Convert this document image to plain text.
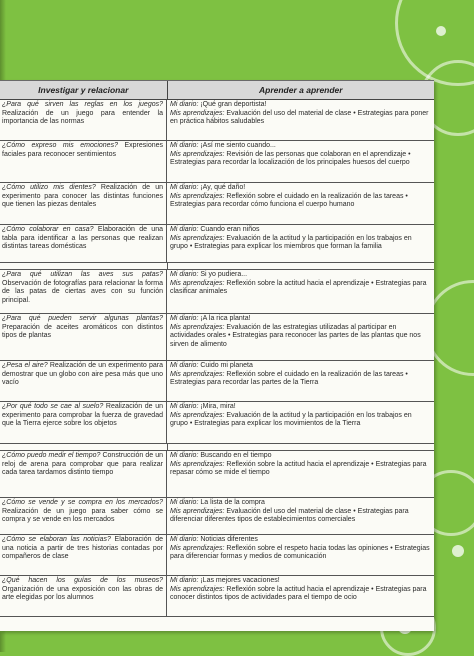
Investigar y relacionar	Aprender a aprender
¿Para qué sirven las reglas en los juegos? Realización de un juego para entender la importancia de las normas
Mi diario: ¡Qué gran deportista!
Mis aprendizajes: Evaluación del uso del material de clase • Estrategias para poner en práctica hábitos saludables
¿Cómo expreso mis emociones? Expresiones faciales para reconocer sentimientos
Mi diario: ¡Así me siento cuando...
Mis aprendizajes: Revisión de las personas que colaboran en el aprendizaje • Estrategias para recordar la localización de los principales huesos del cuerpo
¿Cómo utilizo mis dientes? Realización de un experimento para conocer las distintas funciones que tienen las piezas dentales
Mi diario: ¡Ay, qué daño!
Mis aprendizajes: Reflexión sobre el cuidado en la realización de las tareas • Estrategias para recordar cómo funciona el cuerpo humano
¿Cómo colaborar en casa? Elaboración de una tabla para identificar a las personas que realizan distintas tareas domésticas
Mi diario: Cuando eran niños
Mis aprendizajes: Evaluación de la actitud y la participación en los trabajos en grupo • Estrategias para explicar los miembros que forman la familia
¿Para qué utilizan las aves sus patas? Observación de fotografías para relacionar la forma de las patas de ciertas aves con su función principal.
Mi diario: Si yo pudiera...
Mis aprendizajes: Reflexión sobre la actitud hacia el aprendizaje • Estrategias para clasificar animales
¿Para qué pueden servir algunas plantas? Preparación de aceites aromáticos con distintos tipos de plantas
Mi diario: ¡A la rica planta!
Mis aprendizajes: Evaluación de las estrategias utilizadas al participar en actividades orales • Estrategias para reconocer las partes de las plantas que nos sirven de alimento
¿Pesa el aire? Realización de un experimento para demostrar que un globo con aire pesa más que uno vacío
Mi diario: Cuido mi planeta
Mis aprendizajes: Reflexión sobre el cuidado en la realización de las tareas • Estrategias para recordar las partes de la Tierra
¿Por qué todo se cae al suelo? Realización de un experimento para comprobar la fuerza de gravedad que la Tierra ejerce sobre los objetos
Mi diario: ¡Mira, mira!
Mis aprendizajes: Evaluación de la actitud y la participación en los trabajos en grupo • Estrategias para explicar los movimientos de la Tierra
¿Cómo puedo medir el tiempo? Construcción de un reloj de arena para comprobar que para realizar cada tarea tardamos distinto tiempo
Mi diario: Buscando en el tiempo
Mis aprendizajes: Reflexión sobre la actitud hacia el aprendizaje • Estrategias para repasar cómo se mide el tiempo
¿Cómo se vende y se compra en los mercados? Realización de un juego para saber cómo se compra y se vende en los mercados
Mi diario: La lista de la compra
Mis aprendizajes: Evaluación del uso del material de clase • Estrategias para diferenciar diferentes tipos de establecimientos comerciales
¿Cómo se elaboran las noticias? Elaboración de una noticia a partir de tres historias contadas por compañeros de clase
Mi diario: Noticias diferentes
Mis aprendizajes: Reflexión sobre el respeto hacia todas las opiniones • Estrategias para diferenciar formas y medios de comunicación
¿Qué hacen los guías de los museos? Organización de una exposición con las obras de arte elegidas por los alumnos
Mi diario: ¡Las mejores vacaciones!
Mis aprendizajes: Reflexión sobre la actitud hacia el aprendizaje • Estrategias para conocer distintos tipos de actividades para el tiempo de ocio
